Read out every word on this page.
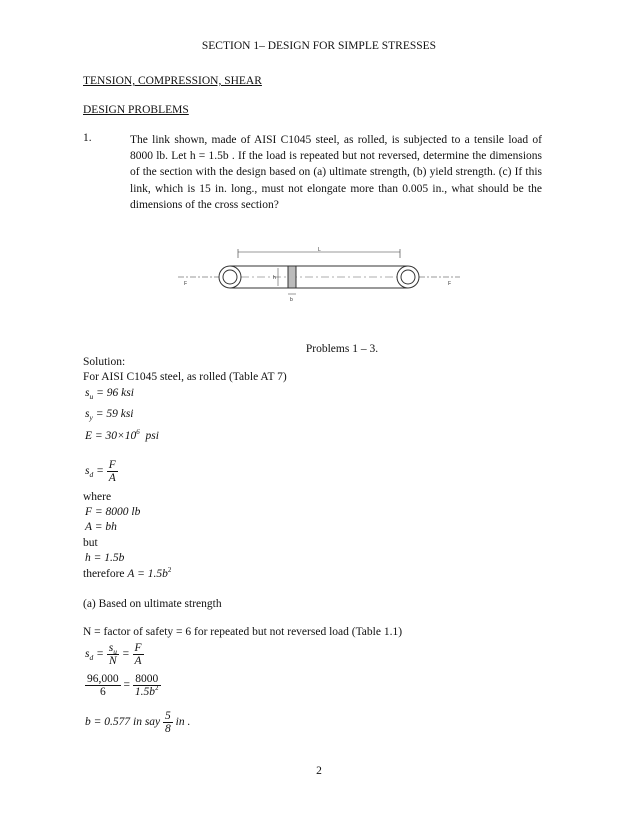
SECTION 1– DESIGN FOR SIMPLE STRESSES
TENSION, COMPRESSION, SHEAR
DESIGN PROBLEMS
1.	The link shown, made of AISI C1045 steel, as rolled, is subjected to a tensile load of 8000 lb. Let h = 1.5b . If the load is repeated but not reversed, determine the dimensions of the section with the design based on (a) ultimate strength, (b) yield strength. (c) If this link, which is 15 in. long., must not elongate more than 0.005 in., what should be the dimensions of the cross section?
L
F	F
h
b
Problems 1 – 3.
Solution:
For AISI C1045 steel, as rolled (Table AT 7)
$s_u = 96$ ksi
$s_y = 59$ ksi
$E = 30\times 10^6$ psi
$s_d = \frac{F}{A}$
where
F = 8000 lb
A = bh
but
h = 1.5b
therefore $A = 1.5b^2$
(a) Based on ultimate strength
N = factor of safety = 6 for repeated but not reversed load (Table 1.1)
$s_d = \frac{s_u}{N} = \frac{F}{A}$
$\frac{96,000}{6} = \frac{8000}{1.5b^2}$
b = 0.577 in say $\frac{5}{8}$ in .
2
